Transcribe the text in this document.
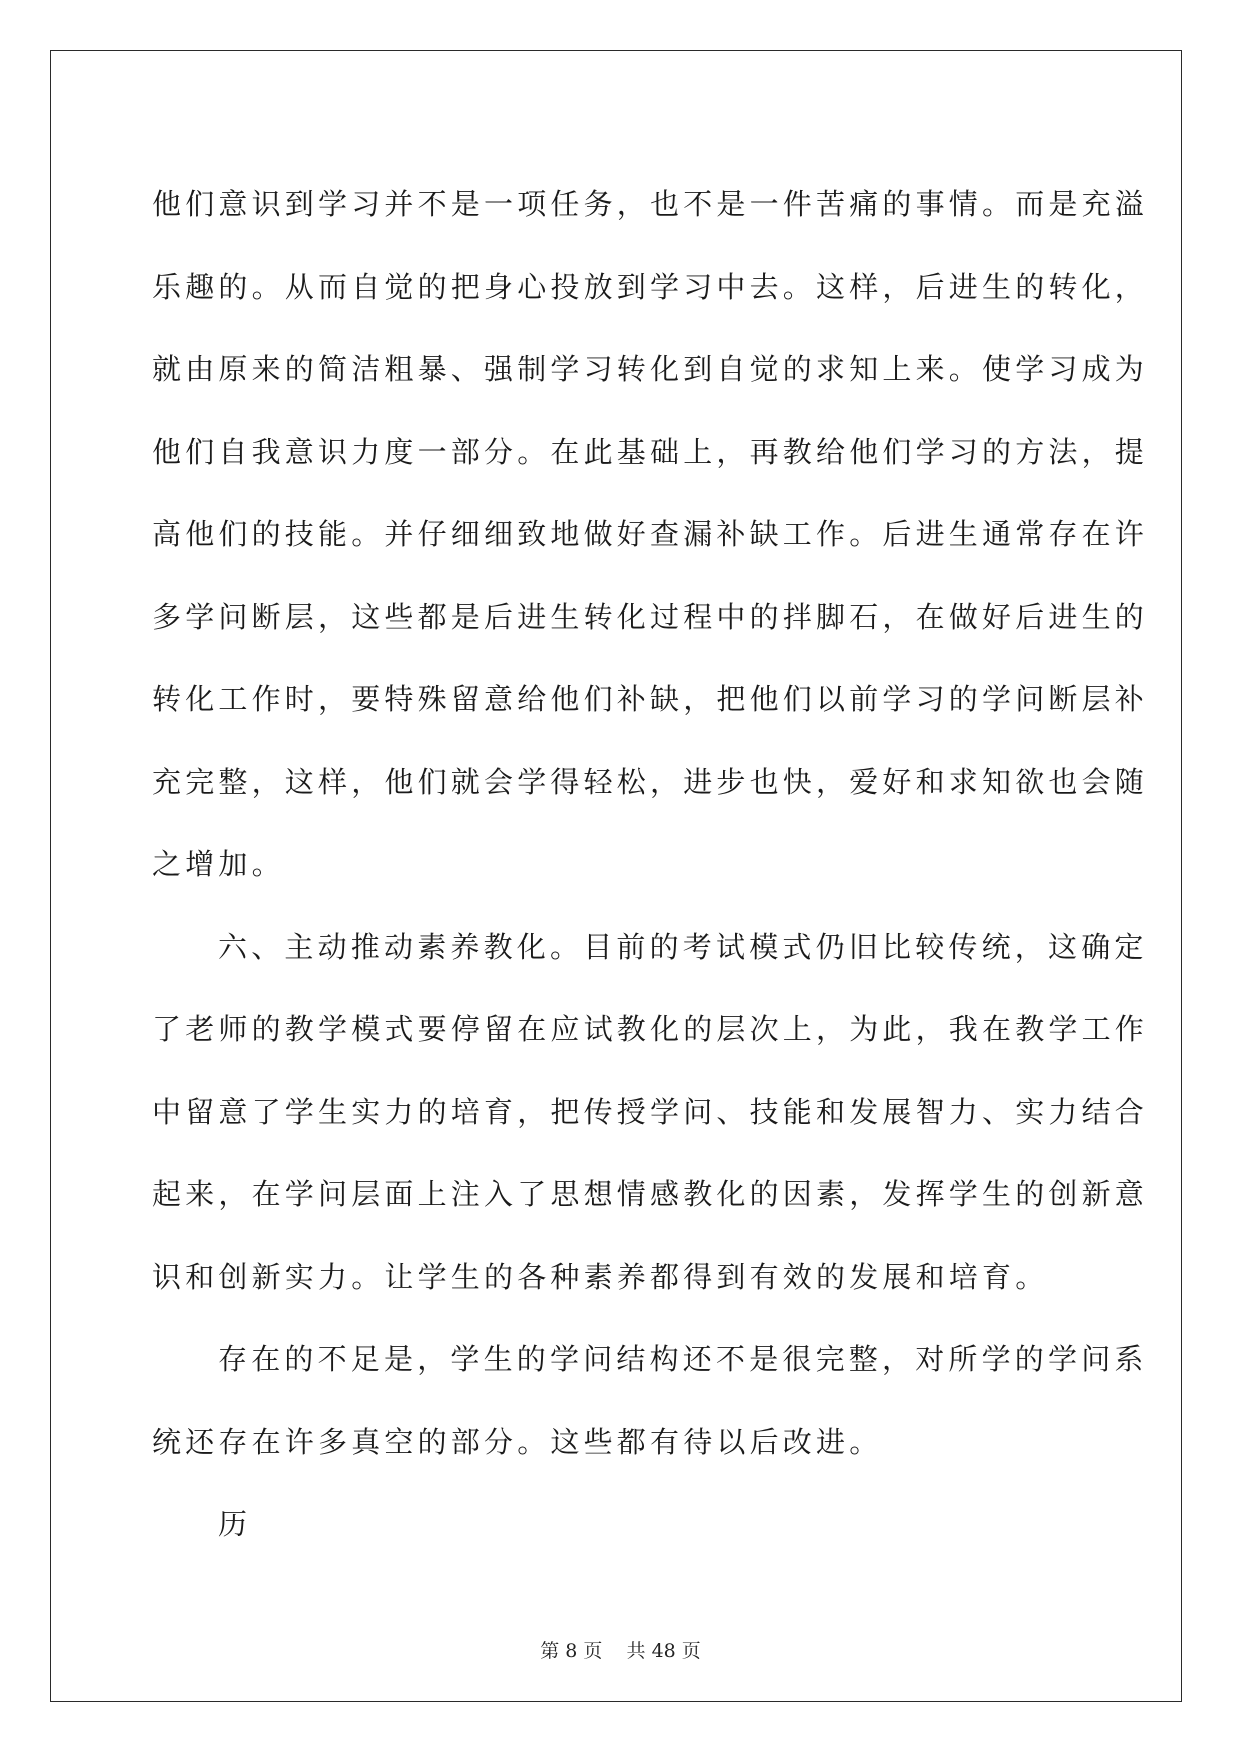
他们意识到学习并不是一项任务，也不是一件苦痛的事情。而是充溢
乐趣的。从而自觉的把身心投放到学习中去。这样，后进生的转化，
就由原来的简洁粗暴、强制学习转化到自觉的求知上来。使学习成为
他们自我意识力度一部分。在此基础上，再教给他们学习的方法，提
高他们的技能。并仔细细致地做好查漏补缺工作。后进生通常存在许
多学问断层，这些都是后进生转化过程中的拌脚石，在做好后进生的
转化工作时，要特殊留意给他们补缺，把他们以前学习的学问断层补
充完整，这样，他们就会学得轻松，进步也快，爱好和求知欲也会随
之增加。
六、主动推动素养教化。目前的考试模式仍旧比较传统，这确定
了老师的教学模式要停留在应试教化的层次上，为此，我在教学工作
中留意了学生实力的培育，把传授学问、技能和发展智力、实力结合
起来，在学问层面上注入了思想情感教化的因素，发挥学生的创新意
识和创新实力。让学生的各种素养都得到有效的发展和培育。
存在的不足是，学生的学问结构还不是很完整，对所学的学问系
统还存在许多真空的部分。这些都有待以后改进。
历
第 8 页 共 48 页
